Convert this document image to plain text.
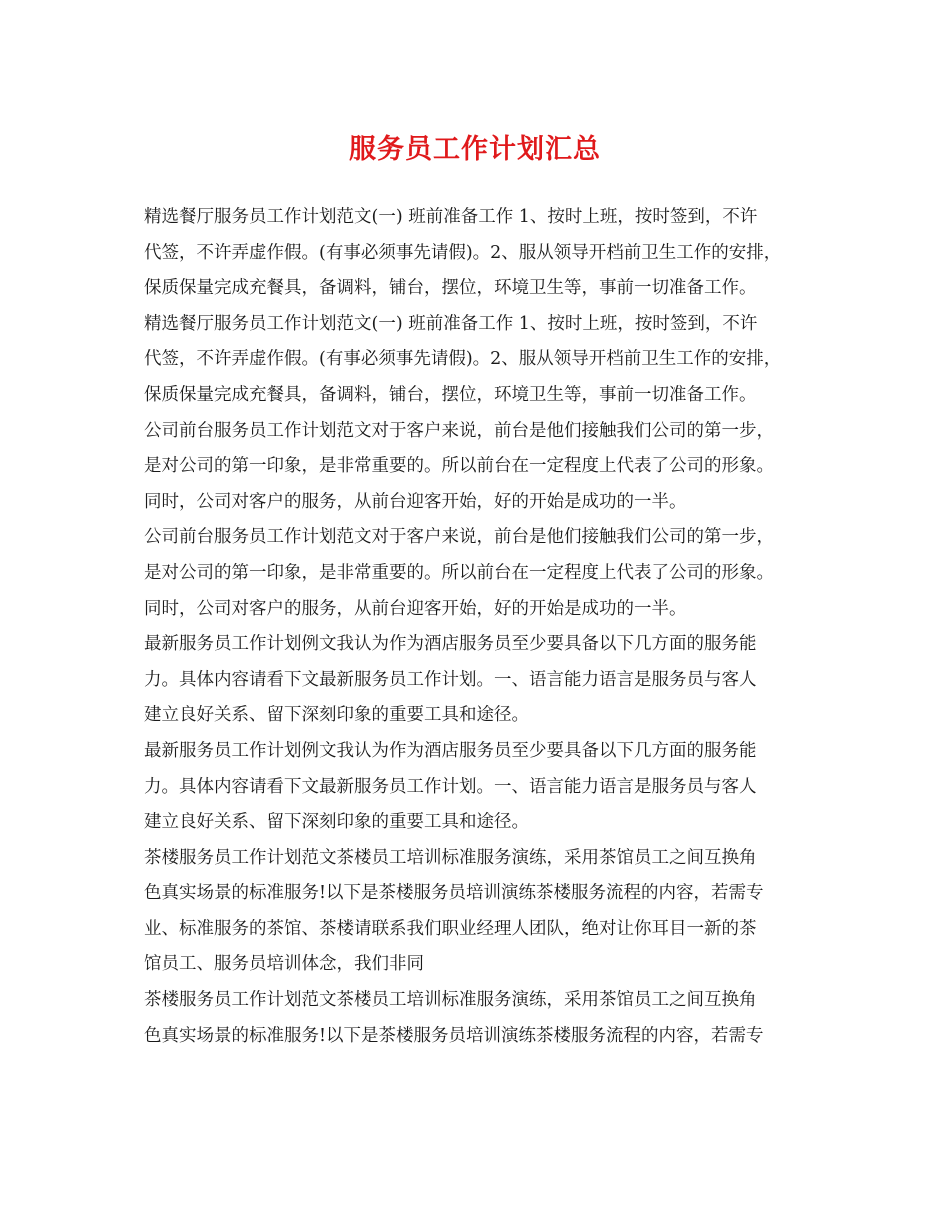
服务员工作计划汇总
精选餐厅服务员工作计划范文(一) 班前准备工作 1、按时上班，按时签到，不许
代签，不许弄虚作假。(有事必须事先请假)。2、服从领导开档前卫生工作的安排，
保质保量完成充餐具，备调料，铺台，摆位，环境卫生等，事前一切准备工作。
精选餐厅服务员工作计划范文(一) 班前准备工作 1、按时上班，按时签到，不许
代签，不许弄虚作假。(有事必须事先请假)。2、服从领导开档前卫生工作的安排，
保质保量完成充餐具，备调料，铺台，摆位，环境卫生等，事前一切准备工作。
公司前台服务员工作计划范文对于客户来说，前台是他们接触我们公司的第一步，
是对公司的第一印象，是非常重要的。所以前台在一定程度上代表了公司的形象。
同时，公司对客户的服务，从前台迎客开始，好的开始是成功的一半。
公司前台服务员工作计划范文对于客户来说，前台是他们接触我们公司的第一步，
是对公司的第一印象，是非常重要的。所以前台在一定程度上代表了公司的形象。
同时，公司对客户的服务，从前台迎客开始，好的开始是成功的一半。
最新服务员工作计划例文我认为作为酒店服务员至少要具备以下几方面的服务能
力。具体内容请看下文最新服务员工作计划。一、语言能力语言是服务员与客人
建立良好关系、留下深刻印象的重要工具和途径。
最新服务员工作计划例文我认为作为酒店服务员至少要具备以下几方面的服务能
力。具体内容请看下文最新服务员工作计划。一、语言能力语言是服务员与客人
建立良好关系、留下深刻印象的重要工具和途径。
茶楼服务员工作计划范文茶楼员工培训标准服务演练，采用茶馆员工之间互换角
色真实场景的标准服务!以下是茶楼服务员培训演练茶楼服务流程的内容，若需专
业、标准服务的茶馆、茶楼请联系我们职业经理人团队，绝对让你耳目一新的茶
馆员工、服务员培训体念，我们非同
茶楼服务员工作计划范文茶楼员工培训标准服务演练，采用茶馆员工之间互换角
色真实场景的标准服务!以下是茶楼服务员培训演练茶楼服务流程的内容，若需专
